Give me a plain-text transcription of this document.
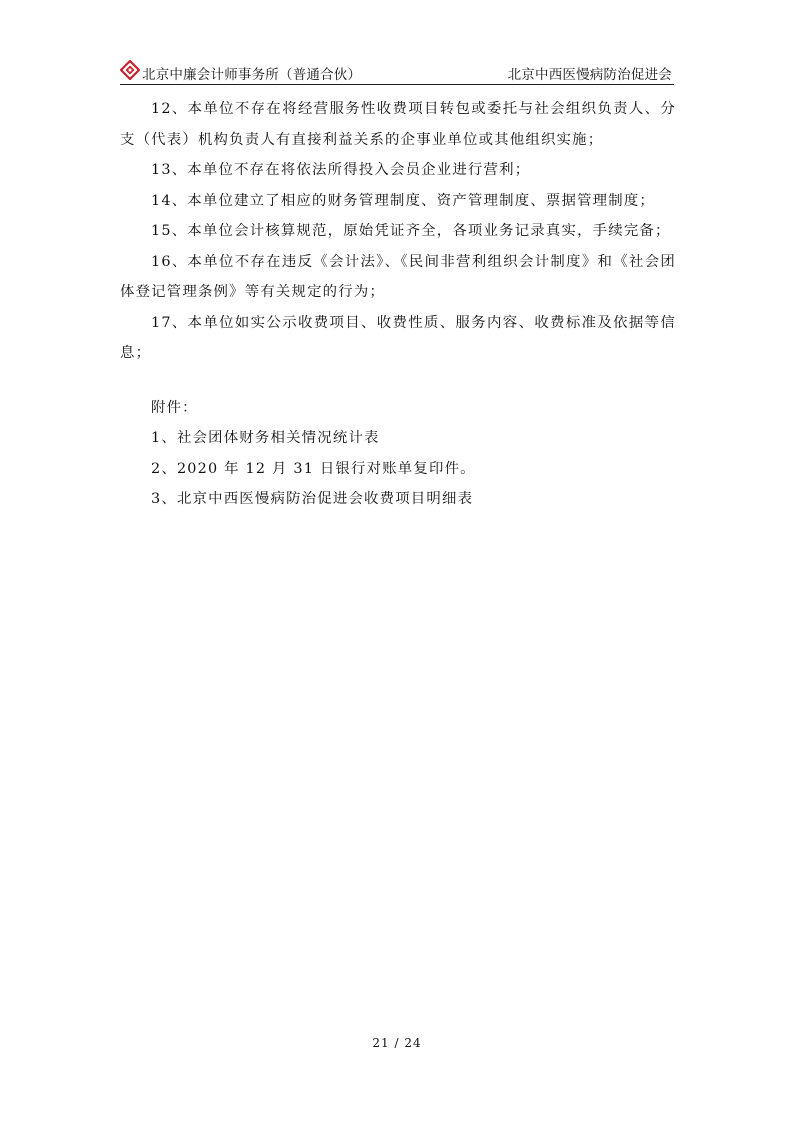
北京中廉会计师事务所（普通合伙）	北京中西医慢病防治促进会

12、本单位不存在将经营服务性收费项目转包或委托与社会组织负责人、分支（代表）机构负责人有直接利益关系的企事业单位或其他组织实施；

13、本单位不存在将依法所得投入会员企业进行营利；

14、本单位建立了相应的财务管理制度、资产管理制度、票据管理制度；

15、本单位会计核算规范，原始凭证齐全，各项业务记录真实，手续完备；

16、本单位不存在违反《会计法》、《民间非营利组织会计制度》和《社会团体登记管理条例》等有关规定的行为；

17、本单位如实公示收费项目、收费性质、服务内容、收费标准及依据等信息；

附件：

1、社会团体财务相关情况统计表

2、2020 年 12 月 31 日银行对账单复印件。

3、北京中西医慢病防治促进会收费项目明细表

21 / 24
